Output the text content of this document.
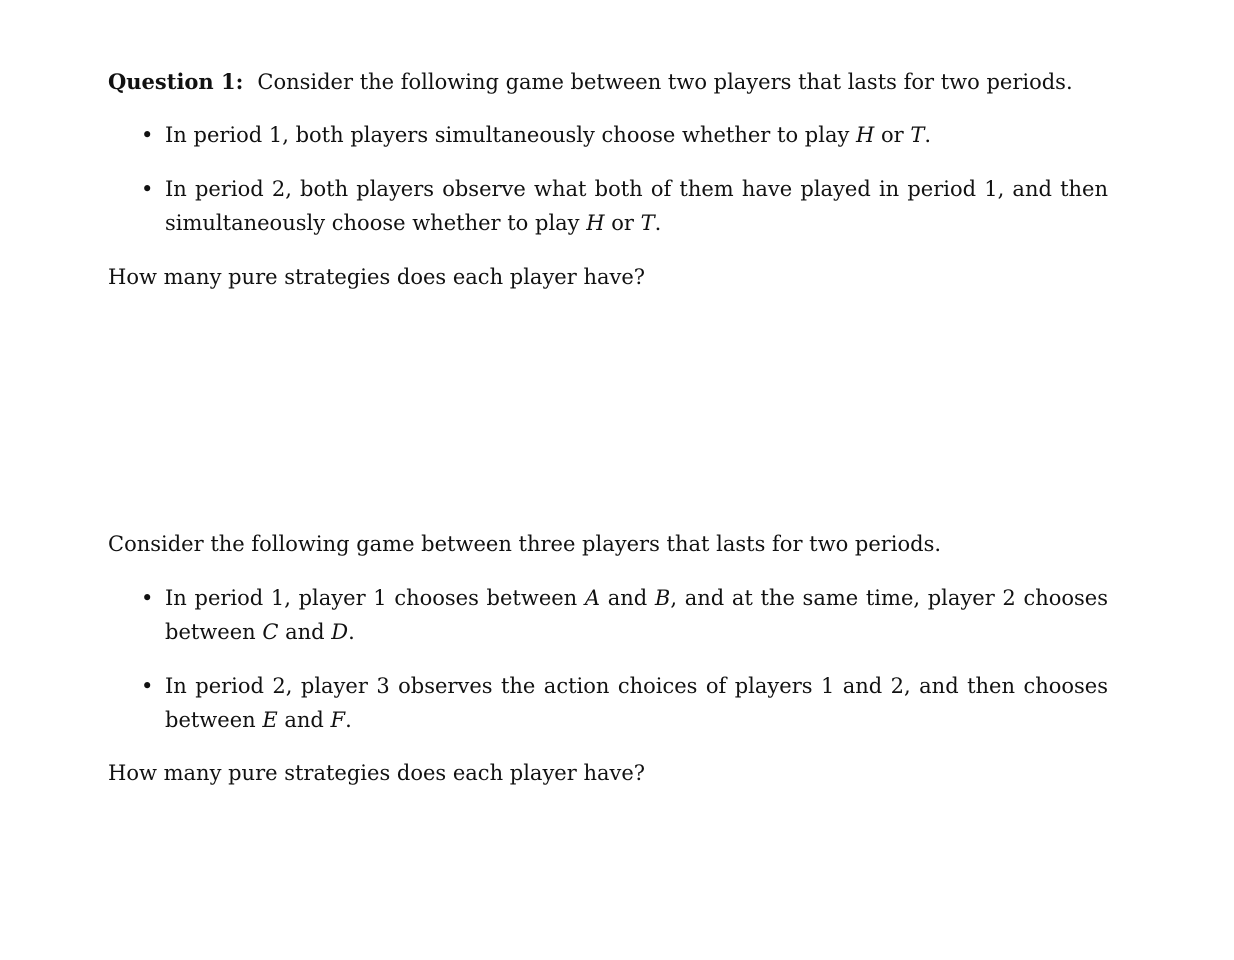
Question 1: Consider the following game between two players that lasts for two periods.
• In period 1, both players simultaneously choose whether to play H or T.
• In period 2, both players observe what both of them have played in period 1, and then simultaneously choose whether to play H or T.
How many pure strategies does each player have?
Consider the following game between three players that lasts for two periods.
• In period 1, player 1 chooses between A and B, and at the same time, player 2 chooses between C and D.
• In period 2, player 3 observes the action choices of players 1 and 2, and then chooses between E and F.
How many pure strategies does each player have?
